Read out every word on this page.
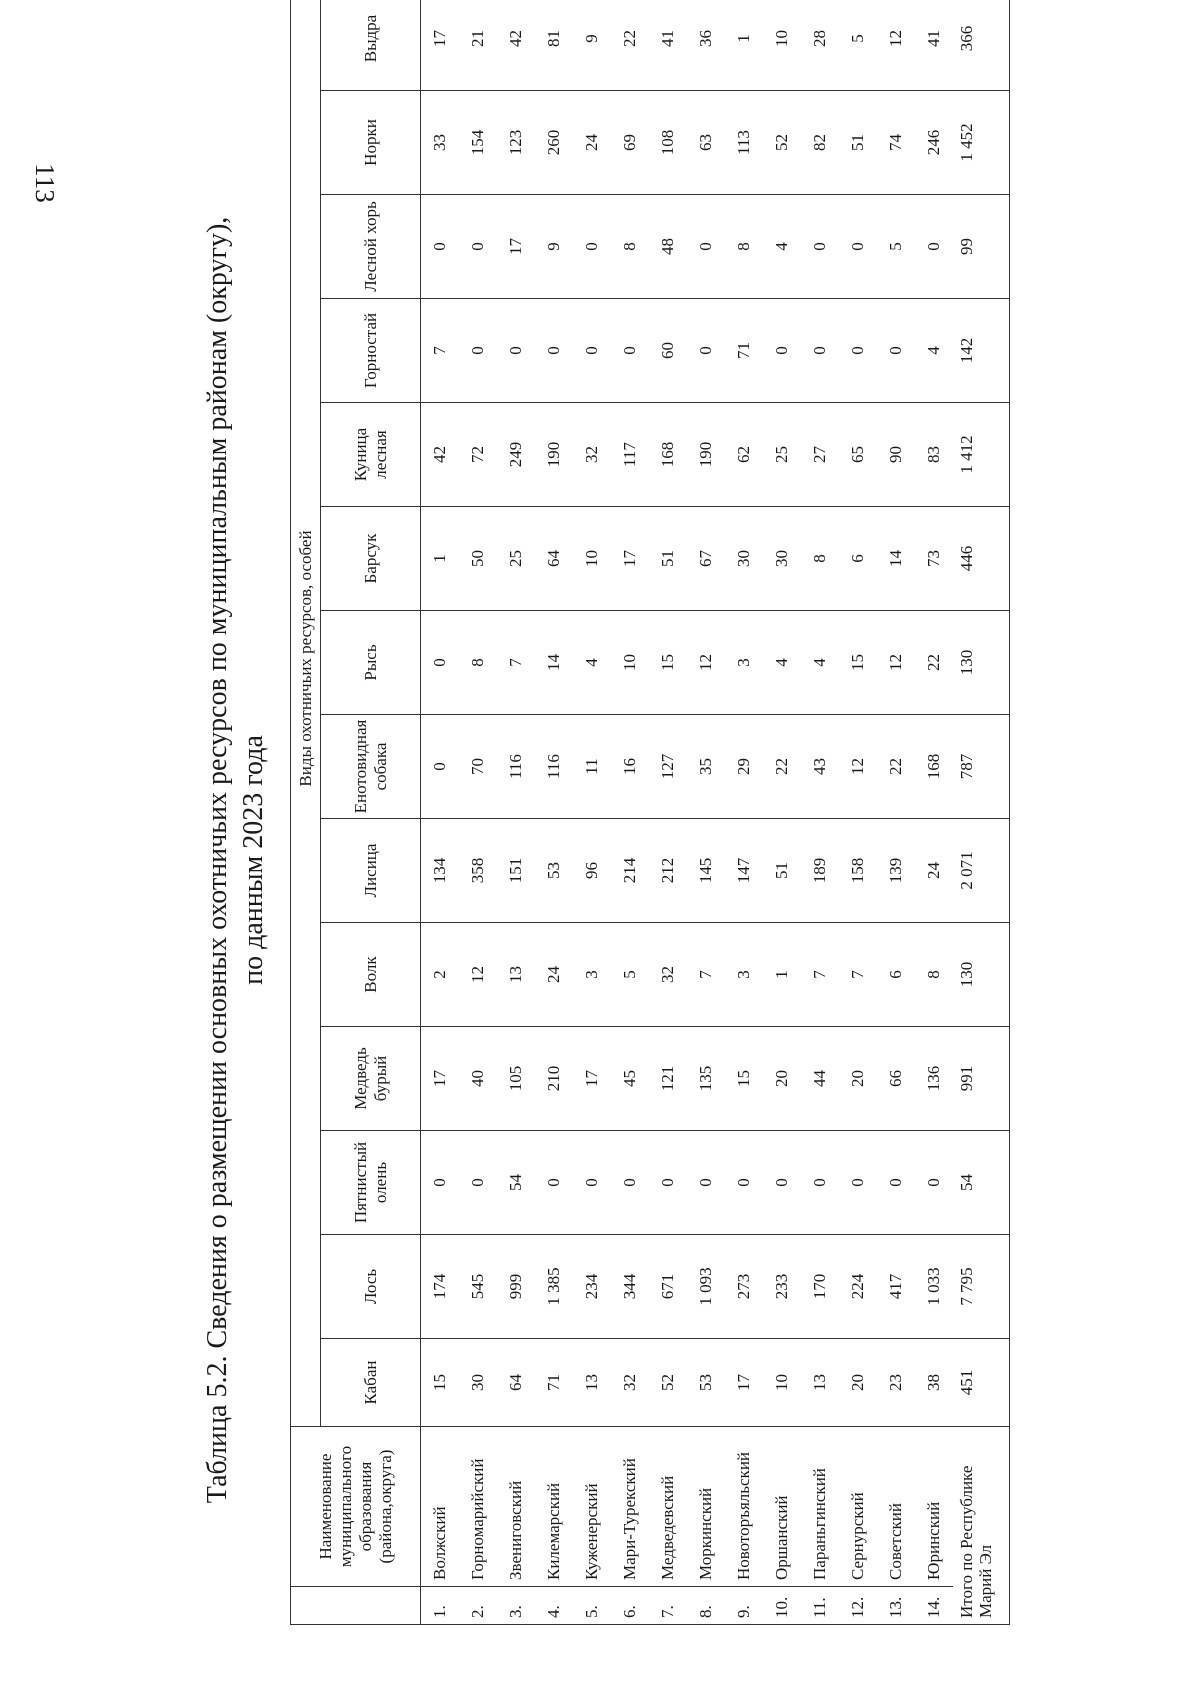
113
Таблица 5.2. Сведения о размещении основных охотничьих ресурсов по муниципальным районам (округу), по данным 2023 года
	Наименование муниципального образования (района,округа)	Виды охотничьих ресурсов, особей														
		Кабан	Лось	Пятнистый олень	Медведь бурый	Волк	Лисица	Енотовидная собака	Рысь	Барсук	Куница лесная	Горностай	Лесной хорь	Норки	Выдра	
1.	Волжский	15	174	0	17	2	134	0	0	1	42	7	0	33	17	
2.	Горномарийский	30	545	0	40	12	358	70	8	50	72	0	0	154	21	
3.	Звениговский	64	999	54	105	13	151	116	7	25	249	0	17	123	42	
4.	Килемарский	71	1 385	0	210	24	53	116	14	64	190	0	9	260	81	
5.	Куженерский	13	234	0	17	3	96	11	4	10	32	0	0	24	9	
6.	Мари-Турекский	32	344	0	45	5	214	16	10	17	117	0	8	69	22	
7.	Медведевский	52	671	0	121	32	212	127	15	51	168	60	48	108	41	
8.	Моркинский	53	1 093	0	135	7	145	35	12	67	190	0	0	63	36	
9.	Новоторъяльский	17	273	0	15	3	147	29	3	30	62	71	8	113	1	
10.	Оршанский	10	233	0	20	1	51	22	4	30	25	0	4	52	10	
11.	Параньгинский	13	170	0	44	7	189	43	4	8	27	0	0	82	28	
12.	Сернурский	20	224	0	20	7	158	12	15	6	65	0	0	51	5	
13.	Советский	23	417	0	66	6	139	22	12	14	90	0	5	74	12	
14.	Юринский	38	1 033	0	136	8	24	168	22	73	83	4	0	246	41	
Итого по Республике Марий Эл		451	7 795	54	991	130	2 071	787	130	446	1 412	142	99	1 452	366	
